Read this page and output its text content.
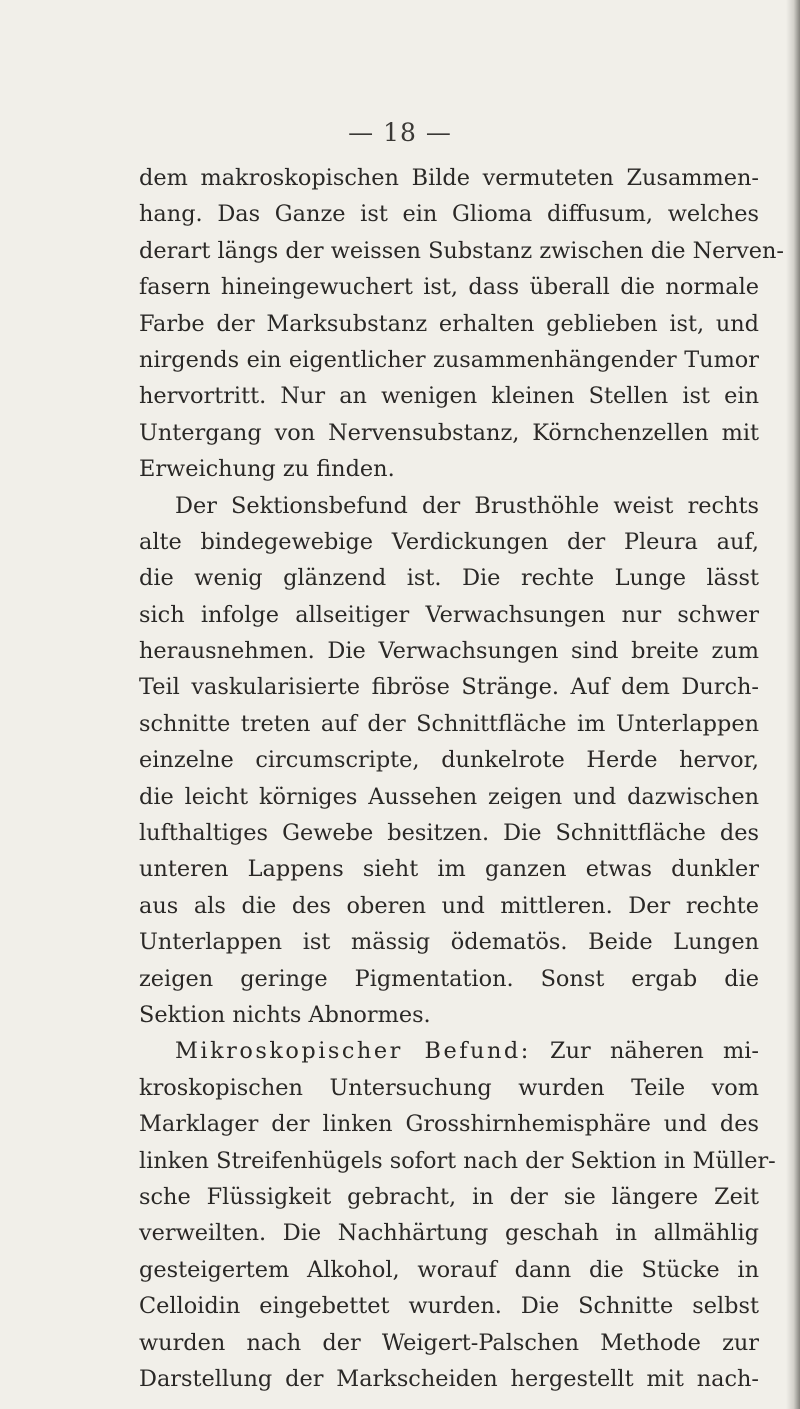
— 18 —
dem makroskopischen Bilde vermuteten Zusammen-
hang. Das Ganze ist ein Glioma diffusum, welches
derart längs der weissen Substanz zwischen die Nerven-
fasern hineingewuchert ist, dass überall die normale
Farbe der Marksubstanz erhalten geblieben ist, und
nirgends ein eigentlicher zusammenhängender Tumor
hervortritt. Nur an wenigen kleinen Stellen ist ein
Untergang von Nervensubstanz, Körnchenzellen mit
Erweichung zu finden.
Der Sektionsbefund der Brusthöhle weist rechts
alte bindegewebige Verdickungen der Pleura auf,
die wenig glänzend ist. Die rechte Lunge lässt
sich infolge allseitiger Verwachsungen nur schwer
herausnehmen. Die Verwachsungen sind breite zum
Teil vaskularisierte fibröse Stränge. Auf dem Durch-
schnitte treten auf der Schnittfläche im Unterlappen
einzelne circumscripte, dunkelrote Herde hervor,
die leicht körniges Aussehen zeigen und dazwischen
lufthaltiges Gewebe besitzen. Die Schnittfläche des
unteren Lappens sieht im ganzen etwas dunkler
aus als die des oberen und mittleren. Der rechte
Unterlappen ist mässig ödematös. Beide Lungen
zeigen geringe Pigmentation. Sonst ergab die
Sektion nichts Abnormes.
Mikroskopischer Befund: Zur näheren mi-
kroskopischen Untersuchung wurden Teile vom
Marklager der linken Grosshirnhemisphäre und des
linken Streifenhügels sofort nach der Sektion in Müller-
sche Flüssigkeit gebracht, in der sie längere Zeit
verweilten. Die Nachhärtung geschah in allmählig
gesteigertem Alkohol, worauf dann die Stücke in
Celloidin eingebettet wurden. Die Schnitte selbst
wurden nach der Weigert-Palschen Methode zur
Darstellung der Markscheiden hergestellt mit nach-
